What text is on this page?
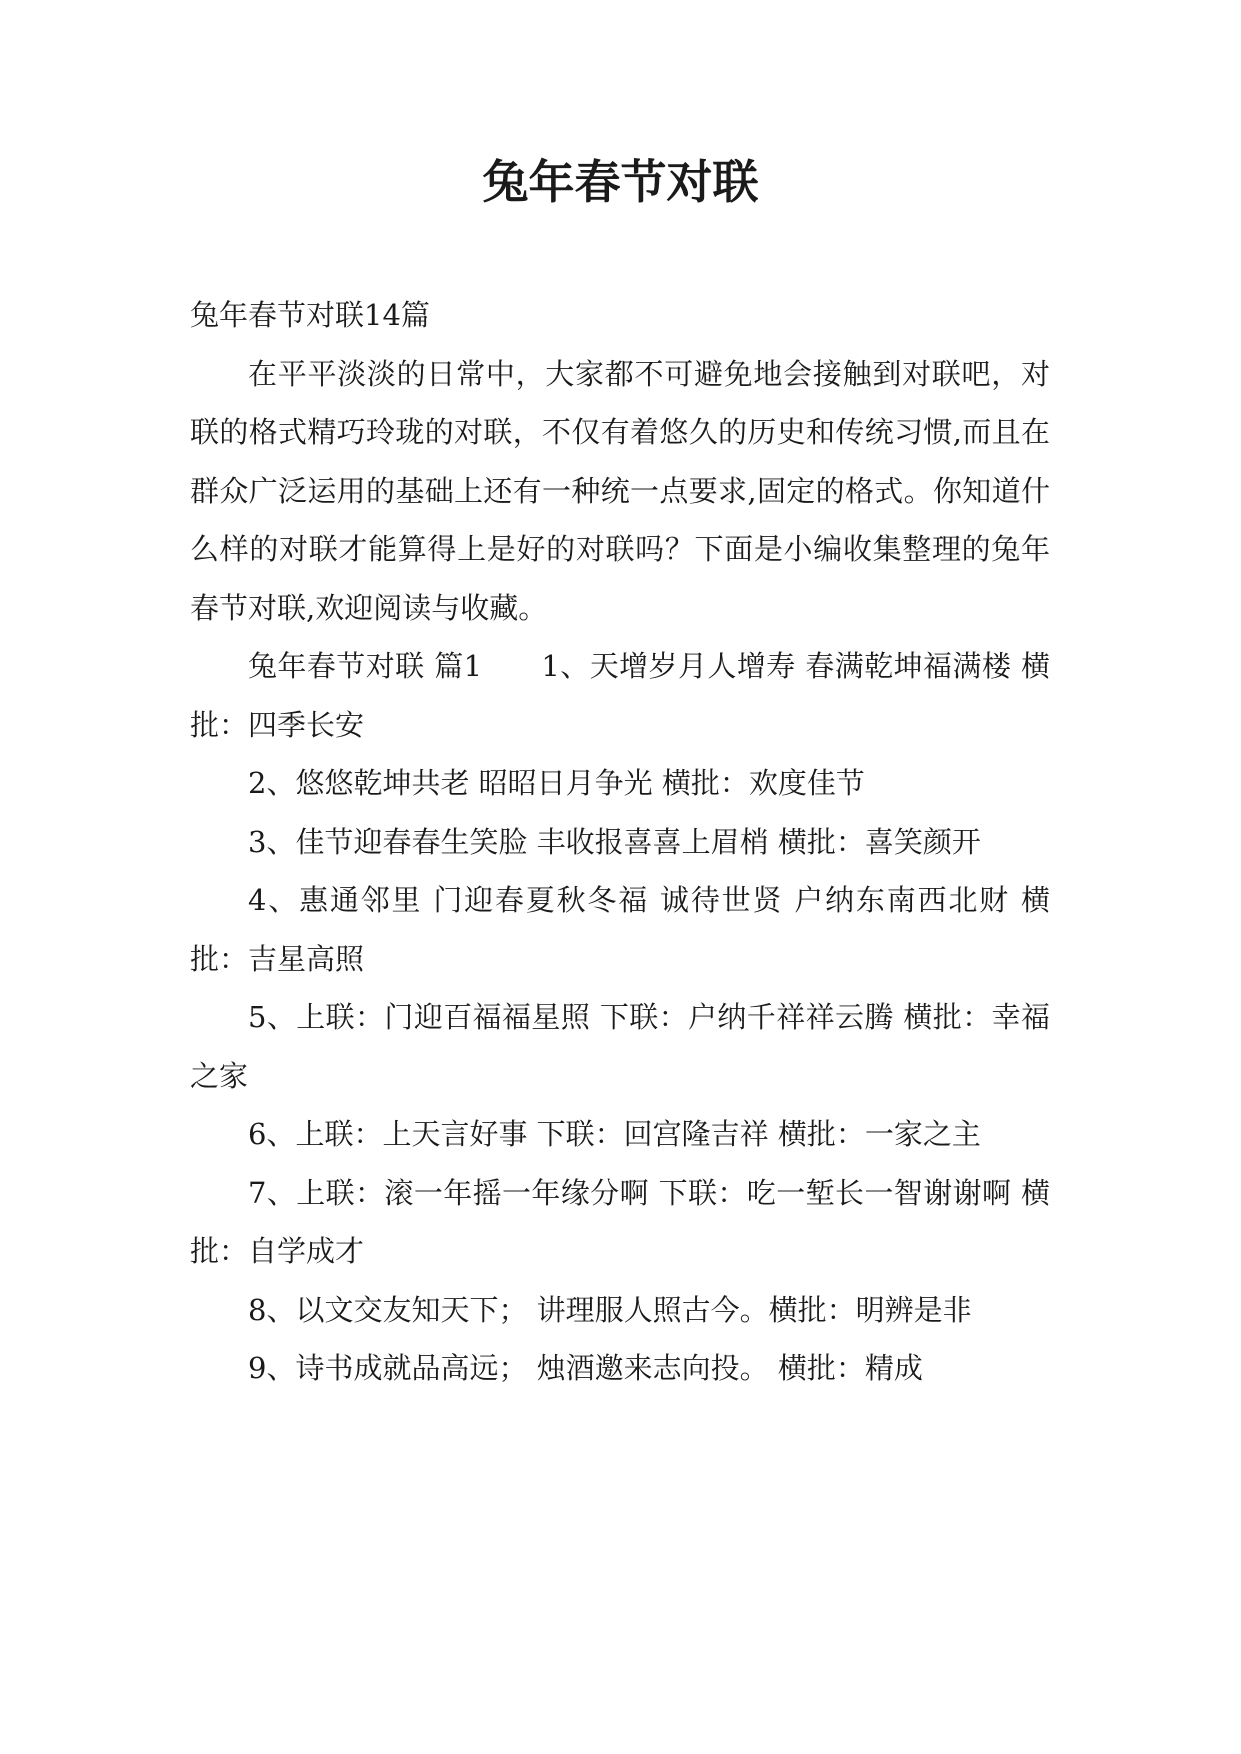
兔年春节对联

兔年春节对联14篇

在平平淡淡的日常中，大家都不可避免地会接触到对联吧，对联的格式精巧玲珑的对联，不仅有着悠久的历史和传统习惯,而且在群众广泛运用的基础上还有一种统一点要求,固定的格式。你知道什么样的对联才能算得上是好的对联吗？下面是小编收集整理的兔年春节对联,欢迎阅读与收藏。

兔年春节对联 篇1　　1、天增岁月人增寿 春满乾坤福满楼 横批：四季长安

2、悠悠乾坤共老 昭昭日月争光 横批：欢度佳节

3、佳节迎春春生笑脸 丰收报喜喜上眉梢 横批：喜笑颜开

4、惠通邻里 门迎春夏秋冬福 诚待世贤 户纳东南西北财 横批：吉星高照

5、上联：门迎百福福星照 下联：户纳千祥祥云腾 横批：幸福之家

6、上联：上天言好事 下联：回宫隆吉祥 横批：一家之主

7、上联：滚一年摇一年缘分啊 下联：吃一堑长一智谢谢啊 横批：自学成才

8、以文交友知天下； 讲理服人照古今。横批：明辨是非

9、诗书成就品高远； 烛酒邀来志向投。 横批：精成
